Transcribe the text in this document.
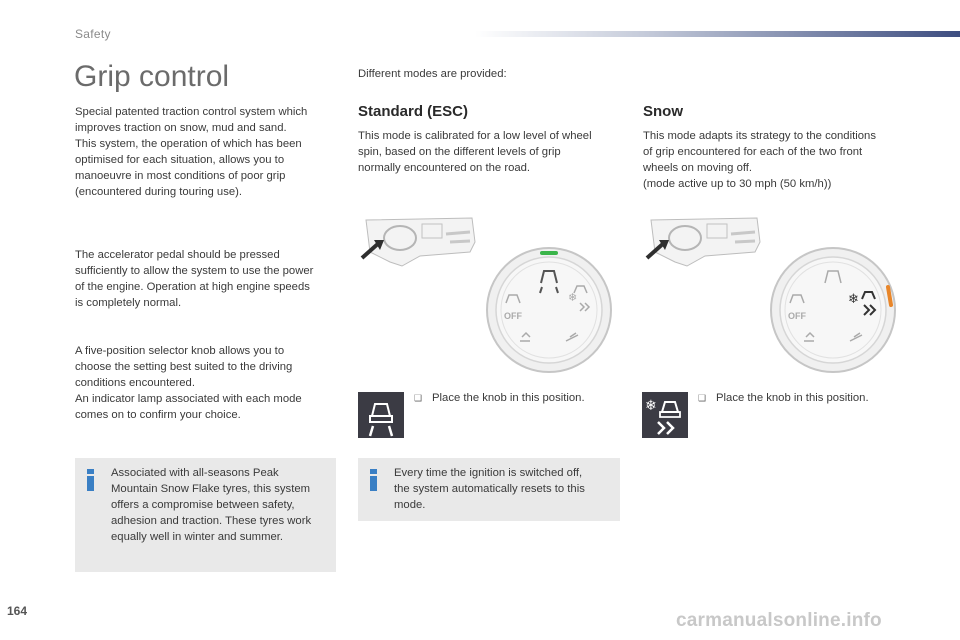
Safety
Grip control
Special patented traction control system which
improves traction on snow, mud and sand.
This system, the operation of which has been
optimised for each situation, allows you to
manoeuvre in most conditions of poor grip
(encountered during touring use).
The accelerator pedal should be pressed
sufficiently to allow the system to use the power
of the engine. Operation at high engine speeds
is completely normal.
A five-position selector knob allows you to
choose the setting best suited to the driving
conditions encountered.
An indicator lamp associated with each mode
comes on to confirm your choice.
Associated with all-seasons Peak
Mountain Snow Flake tyres, this system
offers a compromise between safety,
adhesion and traction. These tyres work
equally well in winter and summer.
Different modes are provided:
Standard (ESC)
This mode is calibrated for a low level of wheel
spin, based on the different levels of grip
normally encountered on the road.
OFF
❄
❑ Place the knob in this position.
Every time the ignition is switched off,
the system automatically resets to this
mode.
Snow
This mode adapts its strategy to the conditions
of grip encountered for each of the two front
wheels on moving off.
(mode active up to 30 mph (50 km/h))
OFF
❄
❄	❑ Place the knob in this position.
164	carmanualsonline.info
